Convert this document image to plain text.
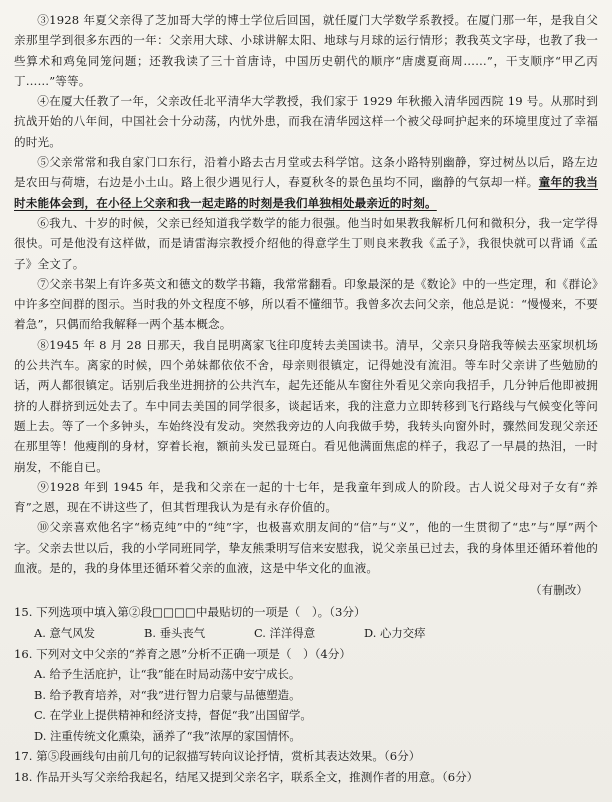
③1928 年夏父亲得了芝加哥大学的博士学位后回国，就任厦门大学数学系教授。在厦门那一年，是我自父亲那里学到很多东西的一年：父亲用大球、小球讲解太阳、地球与月球的运行情形；教我英文字母，也教了我一些算术和鸡兔同笼问题；还教我读了三十首唐诗，中国历史朝代的顺序“唐虞夏商周……”，干支顺序“甲乙丙丁……”等等。

④在厦大任教了一年，父亲改任北平清华大学教授，我们家于 1929 年秋搬入清华园西院 19 号。从那时到抗战开始的八年间，中国社会十分动荡，内忧外患，而我在清华园这样一个被父母呵护起来的环境里度过了幸福的时光。

⑤父亲常常和我自家门口东行，沿着小路去古月堂或去科学馆。这条小路特别幽静，穿过树丛以后，路左边是农田与荷塘，右边是小土山。路上很少遇见行人，春夏秋冬的景色虽均不同，幽静的气氛却一样。童年的我当时未能体会到，在小径上父亲和我一起走路的时刻是我们单独相处最亲近的时刻。

⑥我九、十岁的时候，父亲已经知道我学数学的能力很强。他当时如果教我解析几何和微积分，我一定学得很快。可是他没有这样做，而是请雷海宗教授介绍他的得意学生丁则良来教我《孟子》，我很快就可以背诵《孟子》全文了。

⑦父亲书架上有许多英文和德文的数学书籍，我常常翻看。印象最深的是《数论》中的一些定理，和《群论》中许多空间群的图示。当时我的外文程度不够，所以看不懂细节。我曾多次去问父亲，他总是说：“慢慢来，不要着急”，只偶而给我解释一两个基本概念。

⑧1945 年 8 月 28 日那天，我自昆明离家飞往印度转去美国读书。清早，父亲只身陪我等候去巫家坝机场的公共汽车。离家的时候，四个弟妹都依依不舍，母亲则很镇定，记得她没有流泪。等车时父亲讲了些勉励的话，两人都很镇定。话别后我坐进拥挤的公共汽车，起先还能从车窗往外看见父亲向我招手，几分钟后他即被拥挤的人群挤到远处去了。车中同去美国的同学很多，谈起话来，我的注意力立即转移到飞行路线与气候变化等问题上去。等了一个多钟头，车始终没有发动。突然我旁边的人向我做手势，我转头向窗外时，骤然间发现父亲还在那里等！他瘦削的身材，穿着长袍，额前头发已显斑白。看见他满面焦虑的样子，我忍了一早晨的热泪，一时崩发，不能自已。

⑨1928 年到 1945 年，是我和父亲在一起的十七年，是我童年到成人的阶段。古人说父母对子女有“养育”之恩，现在不讲这些了，但其哲理我认为是有永存价值的。

⑩父亲喜欢他名字“杨克纯”中的“纯”字，也极喜欢朋友间的“信”与“义”，他的一生贯彻了“忠”与“厚”两个字。父亲去世以后，我的小学同班同学，挚友熊秉明写信来安慰我，说父亲虽已过去，我的身体里还循环着他的血液。是的，我的身体里还循环着父亲的血液，这是中华文化的血液。

（有删改）

15. 下列选项中填入第②段□□□□中最贴切的一项是（　）。（3分）

A. 意气风发	B. 垂头丧气	C. 洋洋得意	D. 心力交瘁

16. 下列对文中父亲的“养育之恩”分析不正确一项是（　）（4分）

A. 给予生活庇护，让“我”能在时局动荡中安宁成长。

B. 给予教育培养，对“我”进行智力启蒙与品德塑造。

C. 在学业上提供精神和经济支持，督促“我”出国留学。

D. 注重传统文化熏染，涵养了“我”浓厚的家国情怀。

17. 第⑤段画线句由前几句的记叙描写转向议论抒情，赏析其表达效果。（6分）

18. 作品开头写父亲给我起名，结尾又提到父亲名字，联系全文，推测作者的用意。（6分）
